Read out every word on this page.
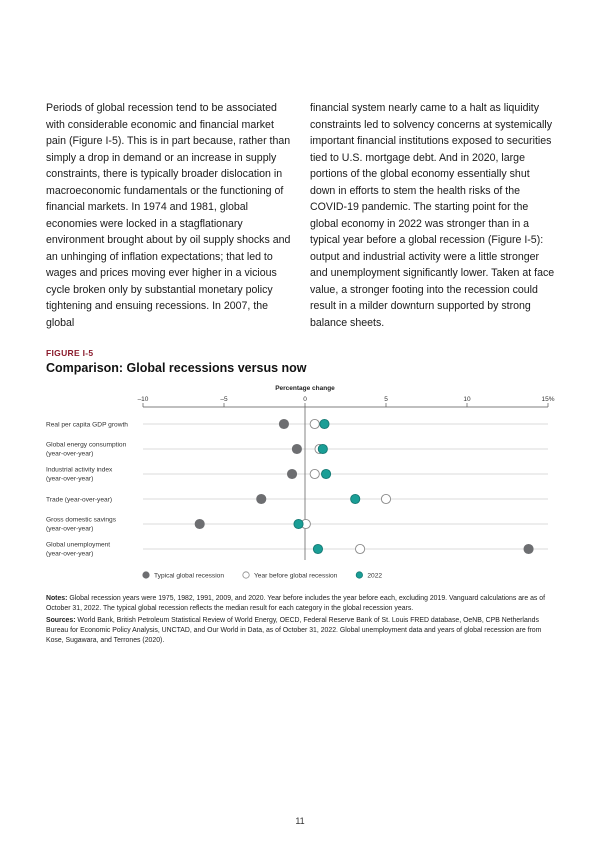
Periods of global recession tend to be associated with considerable economic and financial market pain (Figure I-5). This is in part because, rather than simply a drop in demand or an increase in supply constraints, there is typically broader dislocation in macroeconomic fundamentals or the functioning of financial markets. In 1974 and 1981, global economies were locked in a stagflationary environment brought about by oil supply shocks and an unhinging of inflation expectations; that led to wages and prices moving ever higher in a vicious cycle broken only by substantial monetary policy tightening and ensuing recessions. In 2007, the global

financial system nearly came to a halt as liquidity constraints led to solvency concerns at systemically important financial institutions exposed to securities tied to U.S. mortgage debt. And in 2020, large portions of the global economy essentially shut down in efforts to stem the health risks of the COVID-19 pandemic. The starting point for the global economy in 2022 was stronger than in a typical year before a global recession (Figure I-5): output and industrial activity were a little stronger and unemployment significantly lower. Taken at face value, a stronger footing into the recession could result in a milder downturn supported by strong balance sheets.

FIGURE I-5
Comparison: Global recessions versus now
Percentage change
–10	–5	0	5	10	15%
Real per capita GDP growth
Global energy consumption
(year-over-year)
Industrial activity index
(year-over-year)
Trade (year-over-year)
Gross domestic savings
(year-over-year)
Global unemployment
(year-over-year)
Typical global recession	Year before global recession	2022

Notes: Global recession years were 1975, 1982, 1991, 2009, and 2020. Year before includes the year before each, excluding 2019. Vanguard calculations are as of October 31, 2022. The typical global recession reflects the median result for each category in the global recession years.

Sources: World Bank, British Petroleum Statistical Review of World Energy, OECD, Federal Reserve Bank of St. Louis FRED database, OeNB, CPB Netherlands Bureau for Economic Policy Analysis, UNCTAD, and Our World in Data, as of October 31, 2022. Global unemployment data and years of global recession are from Kose, Sugawara, and Terrones (2020).

11
